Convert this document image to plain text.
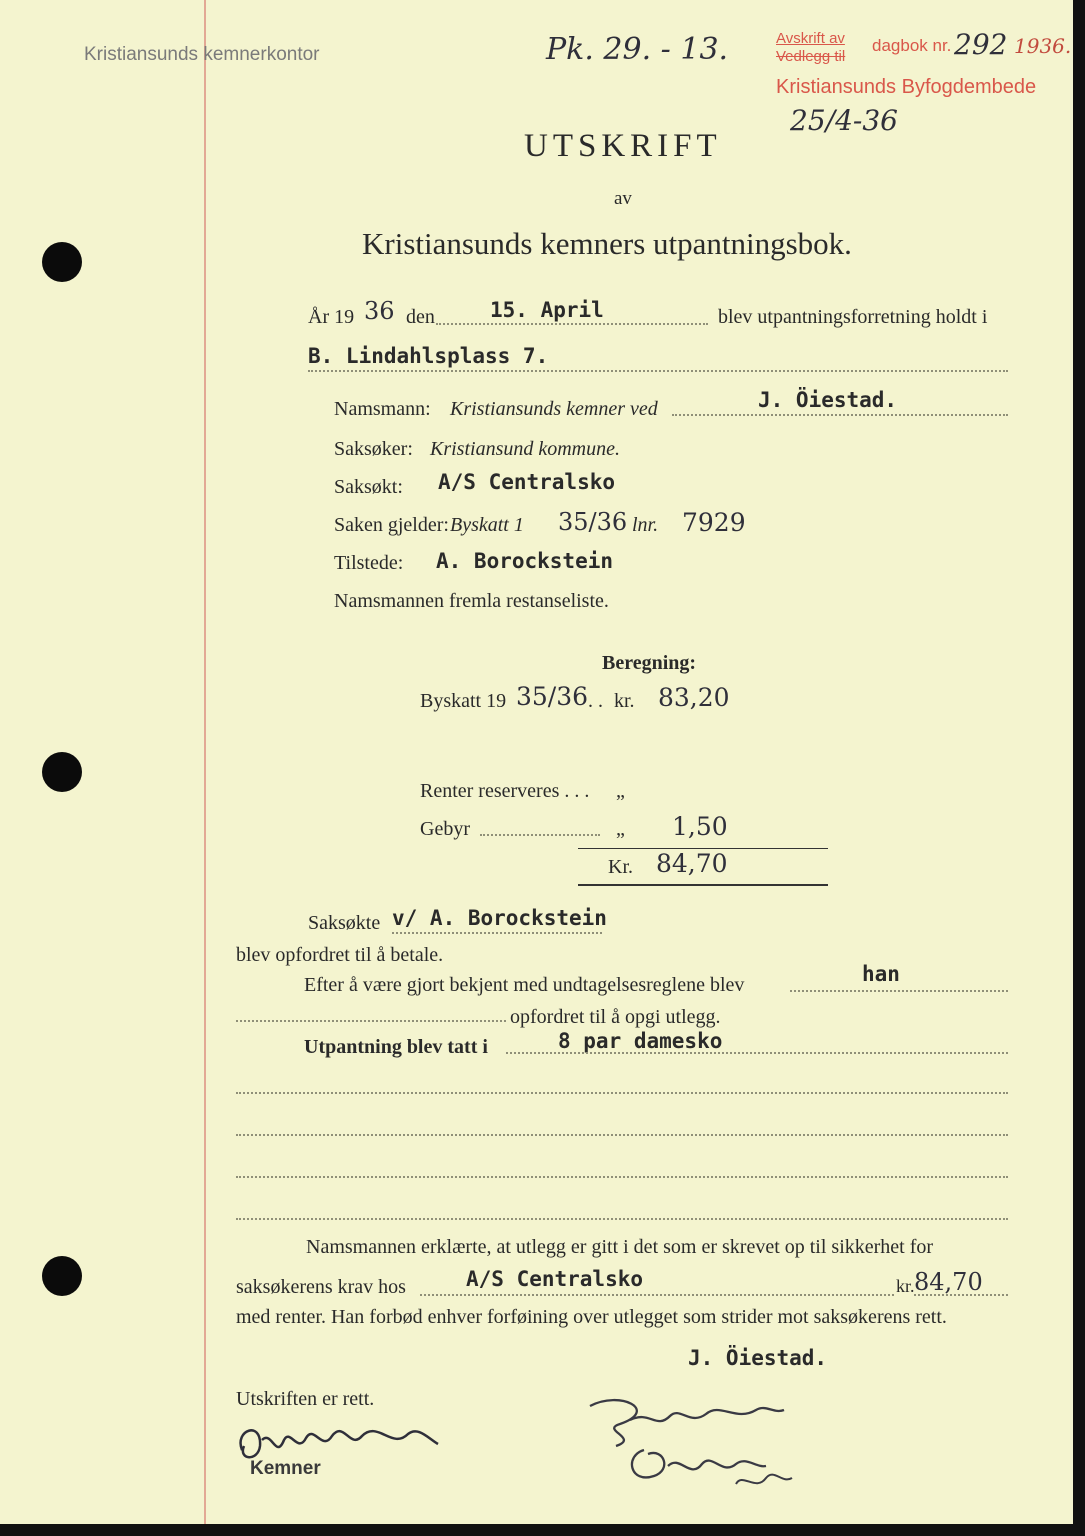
Kristiansunds kemnerkontor	Pk. 29. - 13.	Avskrift av
Vedlegg til
dagbok nr. 292 1936.
Kristiansunds Byfogdembede
25/4-36
UTSKRIFT
av
Kristiansunds kemners utpantningsbok.
År 19 36 den	15. April	blev utpantningsforretning holdt i
B. Lindahlsplass 7.
Namsmann: Kristiansunds kemner ved	J. Öiestad.
Saksøker: Kristiansund kommune.
Saksøkt: A/S Centralsko
Saken gjelder: Byskatt 1 35/36 lnr. 7929
Tilstede: A. Borockstein
Namsmannen fremla restanseliste.
Beregning:
Byskatt 19 35/36 . . kr. 83,20
Renter reserveres . . . „
Gebyr	„ 1,50
Kr. 84,70
Saksøkte v/ A. Borockstein
blev opfordret til å betale.
Efter å være gjort bekjent med undtagelsesreglene blev	han
opfordret til å opgi utlegg.
Utpantning blev tatt i	8 par damesko
Namsmannen erklærte, at utlegg er gitt i det som er skrevet op til sikkerhet for
saksøkerens krav hos	A/S Centralsko	kr. 84,70
med renter. Han forbød enhver forføining over utlegget som strider mot saksøkerens rett.
J. Öiestad.
Utskriften er rett.
Kemner
